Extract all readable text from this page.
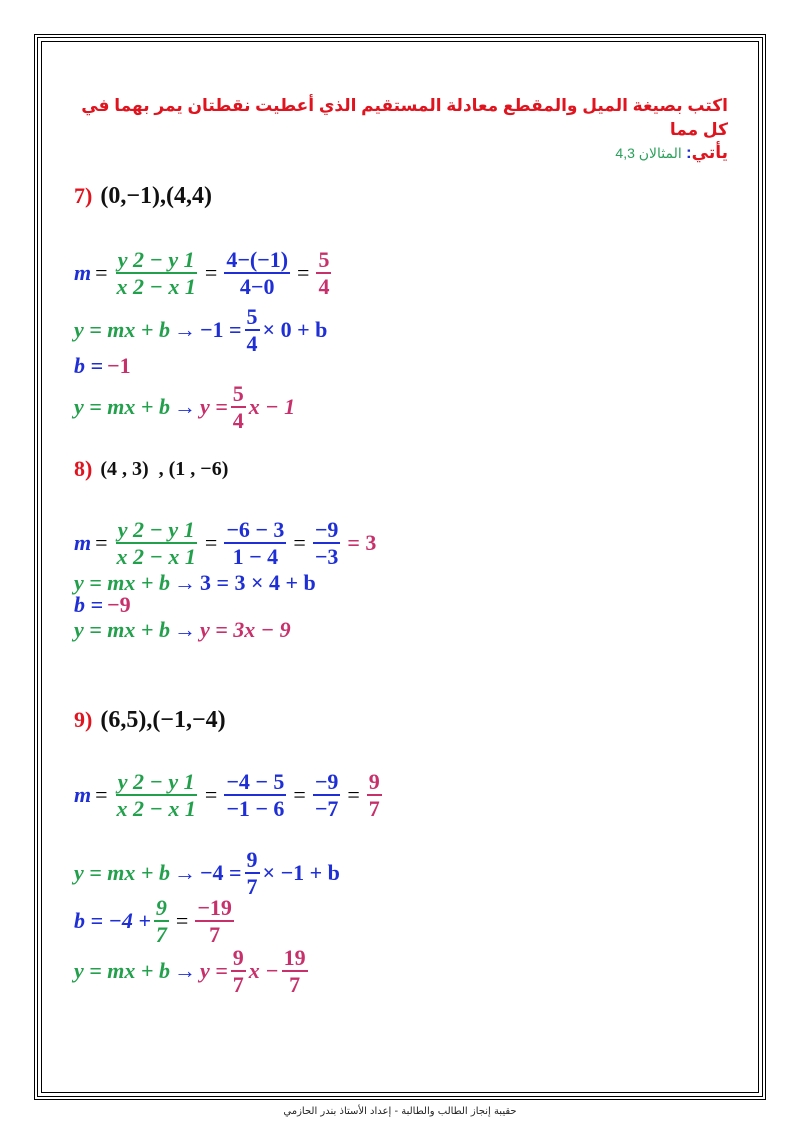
اكتب بصيغة الميل والمقطع معادلة المستقيم الذي أعطيت نقطتان يمر بهما في كل مما
يأتي: المثالان 4,3
7) (0,−1),(4,4)
$m = \frac{y 2 - y 1}{x 2 - x 1} = \frac{4-(-1)}{4-0} = \frac{5}{4}$
y = mx + $b \to -1 = \frac{5}{4} \times 0 + b$
b = −1
y = mx + $b \to y = \frac{5}{4}$ x − 1
8) (4 , 3)  , (1 , −6)
$m = \frac{y 2 - y 1}{x 2 - x 1} = \frac{-6 - 3}{1 - 4} = \frac{-9}{-3} = 3$
y = mx + b → 3 = 3 × 4 + b
b = −9
y = mx + b → y = 3x − 9
9) (6,5),(−1,−4)
$m = \frac{y 2 - y 1}{x 2 - x 1} = \frac{-4 - 5}{-1 - 6} = \frac{-9}{-7} = \frac{9}{7}$
y = mx + $b \to -4 = \frac{9}{7} \times -1 + b$
$b = -4 + \frac{9}{7} = \frac{-19}{7}$
y = mx + $b \to y = \frac{9}{7}$ $x - \frac{19}{7}$
حقيبة إنجاز الطالب والطالبة - إعداد الأستاذ بندر الحازمي
